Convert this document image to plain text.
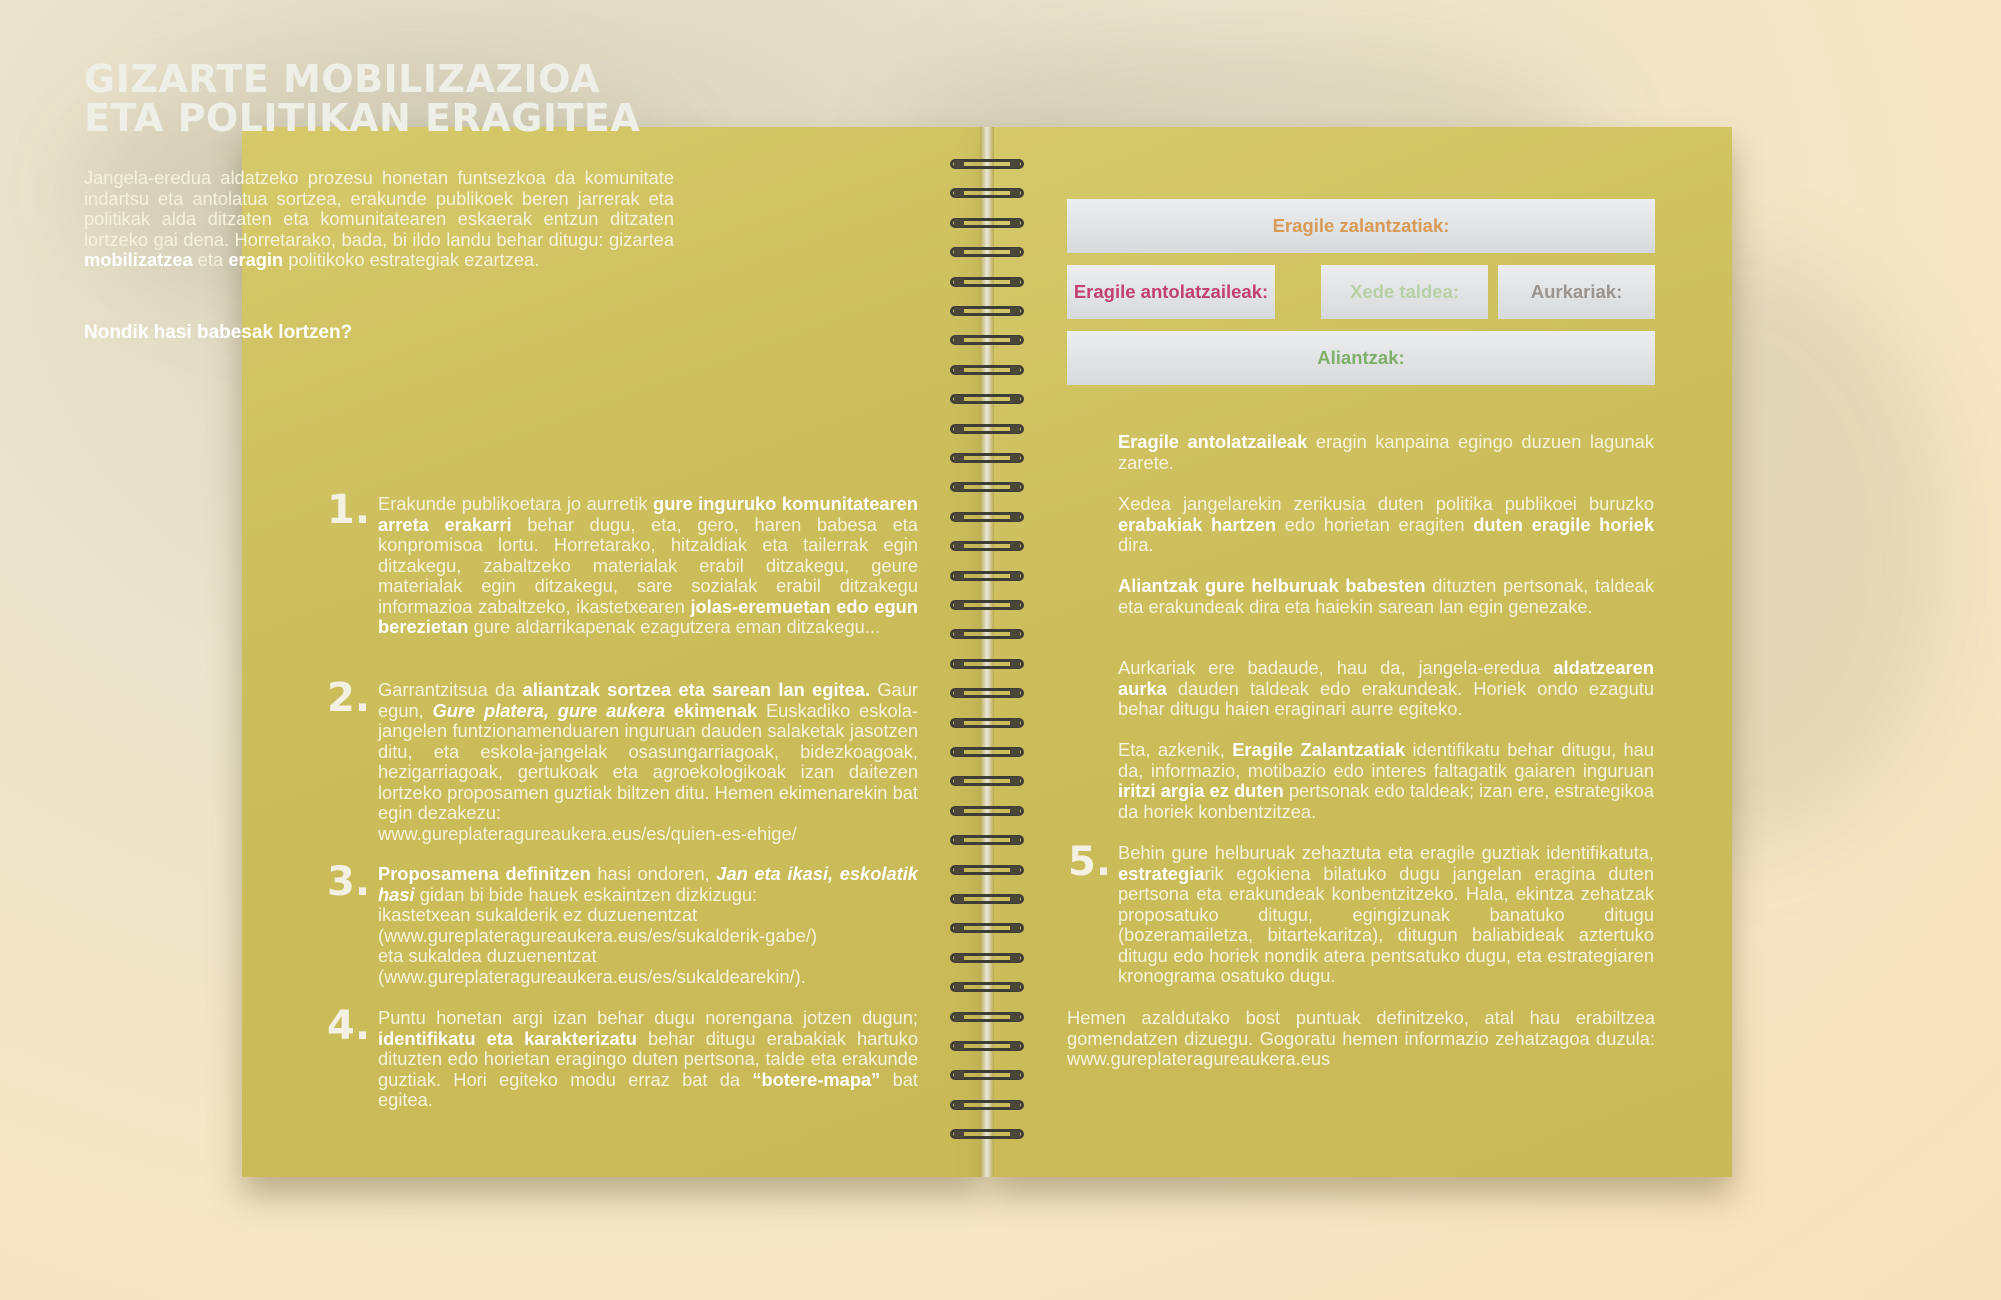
GIZARTE MOBILIZAZIOA
ETA POLITIKAN ERAGITEA
Jangela-eredua aldatzeko prozesu honetan funtsezkoa da komunitate indartsu eta antolatua sortzea, erakunde publikoek beren jarrerak eta politikak alda ditzaten eta komunitatearen eskaerak entzun ditzaten lortzeko gai dena. Horretarako, bada, bi ildo landu behar ditugu: gizartea mobilizatzea eta eragin politikoko estrategiak ezartzea.
Nondik hasi babesak lortzen?
1. Erakunde publikoetara jo aurretik gure inguruko komunitatearen arreta erakarri behar dugu, eta, gero, haren babesa eta konpromisoa lortu. Horretarako, hitzaldiak eta tailerrak egin ditzakegu, zabaltzeko materialak erabil ditzakegu, geure materialak egin ditzakegu, sare sozialak erabil ditzakegu informazioa zabaltzeko, ikastetxearen jolas-eremuetan edo egun berezietan gure aldarrikapenak ezagutzera eman ditzakegu...
2. Garrantzitsua da aliantzak sortzea eta sarean lan egitea. Gaur egun, Gure platera, gure aukera ekimenak Euskadiko eskola-jangelen funtzionamenduaren inguruan dauden salaketak jasotzen ditu, eta eskola-jangelak osasungarriagoak, bidezkoagoak, hezigarriagoak, gertukoak eta agroekologikoak izan daitezen lortzeko proposamen guztiak biltzen ditu. Hemen ekimenarekin bat egin dezakezu:
www.gureplateragureaukera.eus/es/quien-es-ehige/
3. Proposamena definitzen hasi ondoren, Jan eta ikasi, eskolatik hasi gidan bi bide hauek eskaintzen dizkizugu:
ikastetxean sukalderik ez duzuenentzat
(www.gureplateragureaukera.eus/es/sukalderik-gabe/)
eta sukaldea duzuenentzat
(www.gureplateragureaukera.eus/es/sukaldearekin/).
4. Puntu honetan argi izan behar dugu norengana jotzen dugun; identifikatu eta karakterizatu behar ditugu erabakiak hartuko dituzten edo horietan eragingo duten pertsona, talde eta erakunde guztiak. Hori egiteko modu erraz bat da “botere-mapa” bat egitea.
Eragile zalantzatiak:
Eragile antolatzaileak:	Xede taldea:	Aurkariak:
Aliantzak:
Eragile antolatzaileak eragin kanpaina egingo duzuen lagunak zarete.
Xedea jangelarekin zerikusia duten politika publikoei buruzko erabakiak hartzen edo horietan eragiten duten eragile horiek dira.
Aliantzak gure helburuak babesten dituzten pertsonak, taldeak eta erakundeak dira eta haiekin sarean lan egin genezake.
Aurkariak ere badaude, hau da, jangela-eredua aldatzearen aurka dauden taldeak edo erakundeak. Horiek ondo ezagutu behar ditugu haien eraginari aurre egiteko.
Eta, azkenik, Eragile Zalantzatiak identifikatu behar ditugu, hau da, informazio, motibazio edo interes faltagatik gaiaren inguruan iritzi argia ez duten pertsonak edo taldeak; izan ere, estrategikoa da horiek konbentzitzea.
5. Behin gure helburuak zehaztuta eta eragile guztiak identifikatuta, estrategiarik egokiena bilatuko dugu jangelan eragina duten pertsona eta erakundeak konbentzitzeko. Hala, ekintza zehatzak proposatuko ditugu, egingizunak banatuko ditugu (bozeramailetza, bitartekaritza), ditugun baliabideak aztertuko ditugu edo horiek nondik atera pentsatuko dugu, eta estrategiaren kronograma osatuko dugu.
Hemen azaldutako bost puntuak definitzeko, atal hau erabiltzea gomendatzen dizuegu. Gogoratu hemen informazio zehatzagoa duzula: www.gureplateragureaukera.eus
